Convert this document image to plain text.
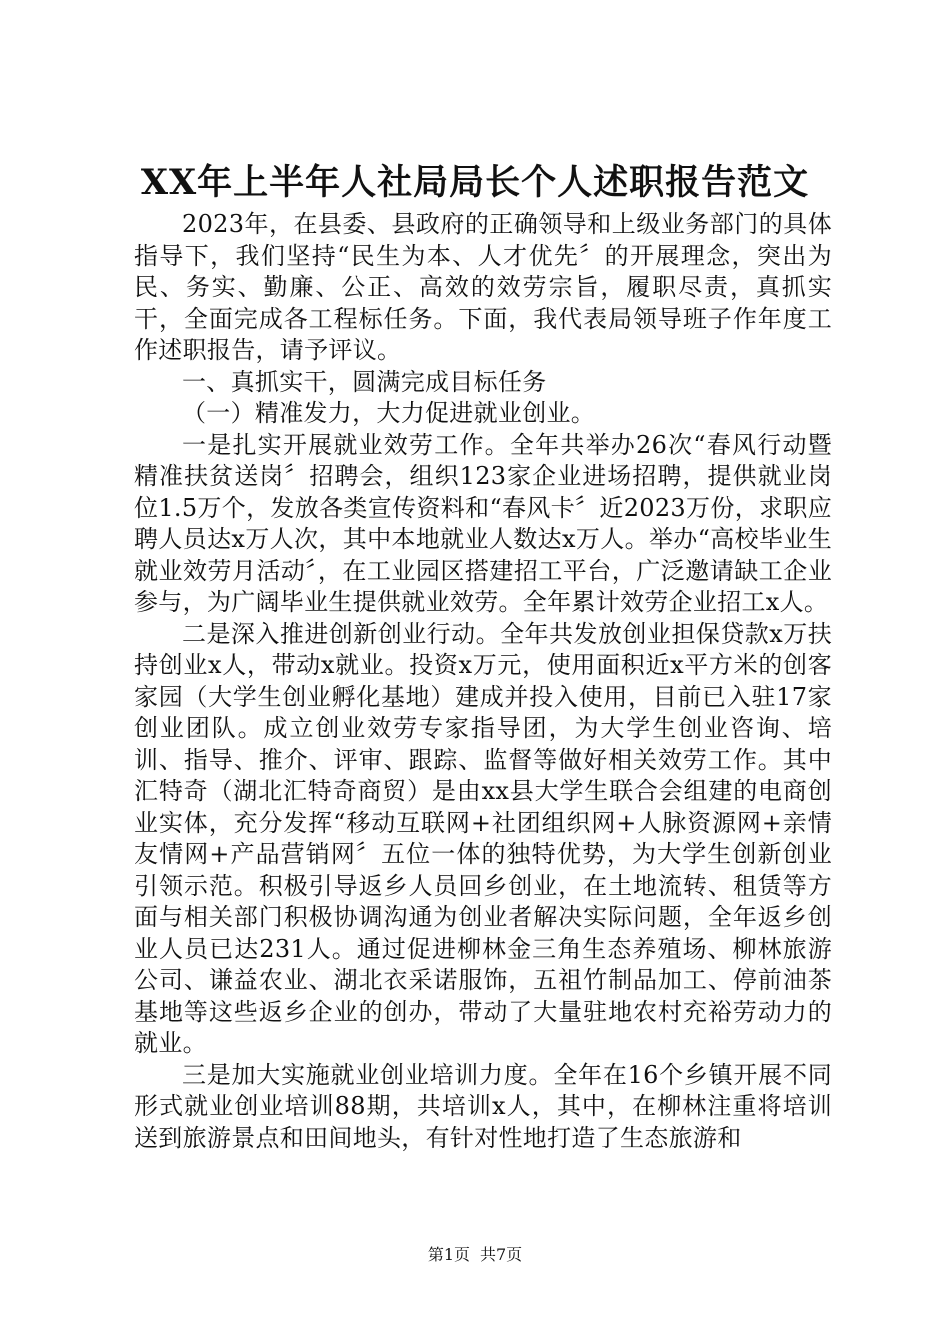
XX年上半年人社局局长个人述职报告范文

2023年，在县委、县政府的正确领导和上级业务部门的具体指导下，我们坚持“民生为本、人才优先〞的开展理念，突出为民、务实、勤廉、公正、高效的效劳宗旨，履职尽责，真抓实干，全面完成各工程标任务。下面，我代表局领导班子作年度工作述职报告，请予评议。

一、真抓实干，圆满完成目标任务

（一）精准发力，大力促进就业创业。

一是扎实开展就业效劳工作。全年共举办26次“春风行动暨精准扶贫送岗〞招聘会，组织123家企业进场招聘，提供就业岗位1.5万个，发放各类宣传资料和“春风卡〞近2023万份，求职应聘人员达x万人次，其中本地就业人数达x万人。举办“高校毕业生就业效劳月活动〞，在工业园区搭建招工平台，广泛邀请缺工企业参与，为广阔毕业生提供就业效劳。全年累计效劳企业招工x人。

二是深入推进创新创业行动。全年共发放创业担保贷款x万扶持创业x人，带动x就业。投资x万元，使用面积近x平方米的创客家园（大学生创业孵化基地）建成并投入使用，目前已入驻17家创业团队。成立创业效劳专家指导团，为大学生创业咨询、培训、指导、推介、评审、跟踪、监督等做好相关效劳工作。其中汇特奇（湖北汇特奇商贸）是由xx县大学生联合会组建的电商创业实体，充分发挥“移动互联网+社团组织网+人脉资源网+亲情友情网+产品营销网〞五位一体的独特优势，为大学生创新创业引领示范。积极引导返乡人员回乡创业，在土地流转、租赁等方面与相关部门积极协调沟通为创业者解决实际问题，全年返乡创业人员已达231人。通过促进柳林金三角生态养殖场、柳林旅游公司、谦益农业、湖北衣采诺服饰，五祖竹制品加工、停前油茶基地等这些返乡企业的创办，带动了大量驻地农村充裕劳动力的就业。

三是加大实施就业创业培训力度。全年在16个乡镇开展不同形式就业创业培训88期，共培训x人，其中，在柳林注重将培训送到旅游景点和田间地头，有针对性地打造了生态旅游和

第1页 共7页
